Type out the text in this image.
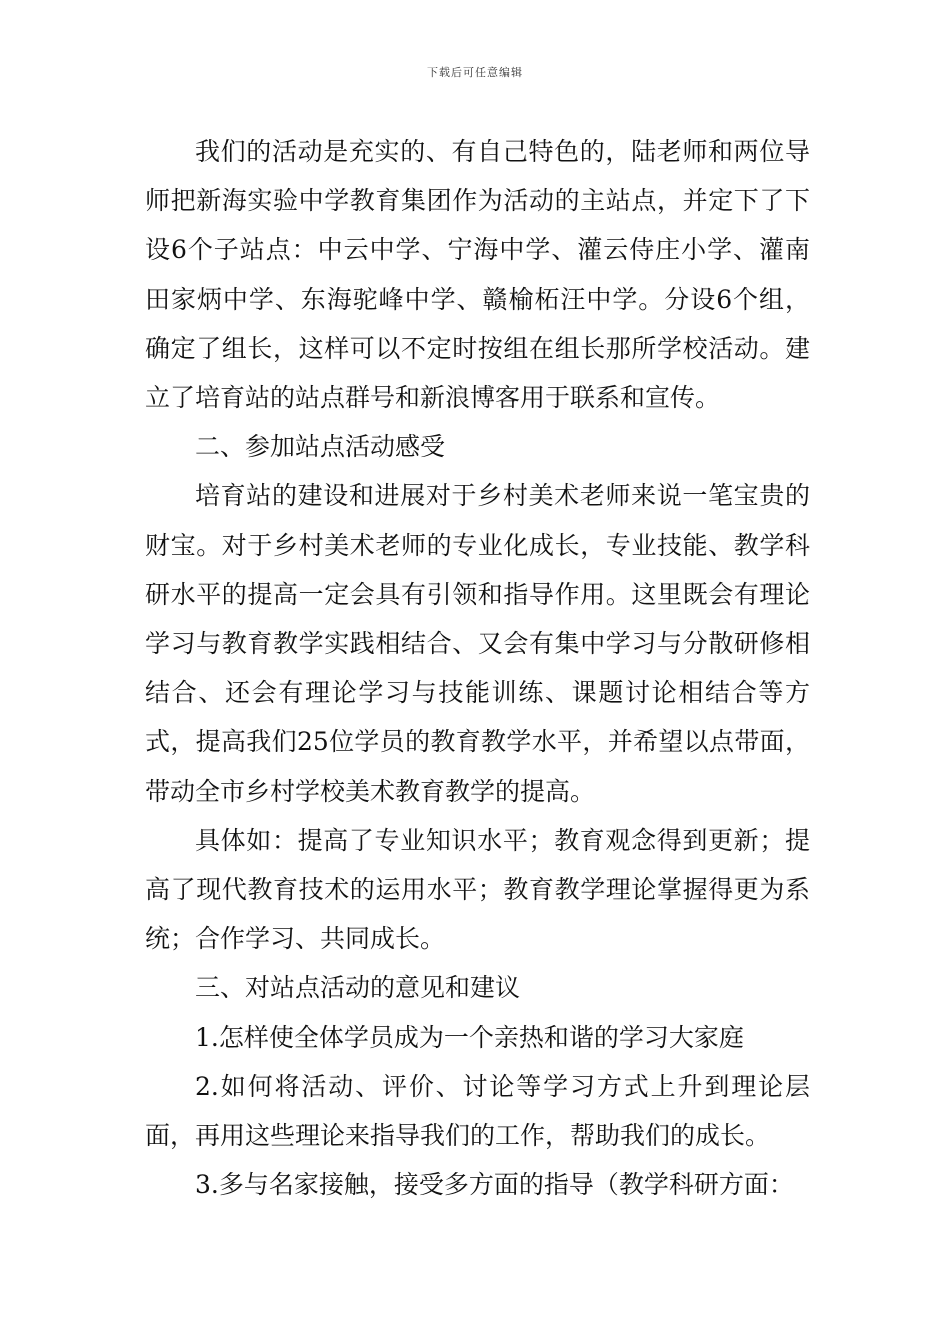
下载后可任意编辑

我们的活动是充实的、有自己特色的，陆老师和两位导师把新海实验中学教育集团作为活动的主站点，并定下了下设6个子站点：中云中学、宁海中学、灌云侍庄小学、灌南田家炳中学、东海驼峰中学、赣榆柘汪中学。分设6个组，确定了组长，这样可以不定时按组在组长那所学校活动。建立了培育站的站点群号和新浪博客用于联系和宣传。

二、参加站点活动感受

培育站的建设和进展对于乡村美术老师来说一笔宝贵的财宝。对于乡村美术老师的专业化成长，专业技能、教学科研水平的提高一定会具有引领和指导作用。这里既会有理论学习与教育教学实践相结合、又会有集中学习与分散研修相结合、还会有理论学习与技能训练、课题讨论相结合等方式，提高我们25位学员的教育教学水平，并希望以点带面，带动全市乡村学校美术教育教学的提高。

具体如：提高了专业知识水平；教育观念得到更新；提高了现代教育技术的运用水平；教育教学理论掌握得更为系统；合作学习、共同成长。

三、对站点活动的意见和建议

1.怎样使全体学员成为一个亲热和谐的学习大家庭

2.如何将活动、评价、讨论等学习方式上升到理论层面，再用这些理论来指导我们的工作，帮助我们的成长。

3.多与名家接触，接受多方面的指导（教学科研方面：
